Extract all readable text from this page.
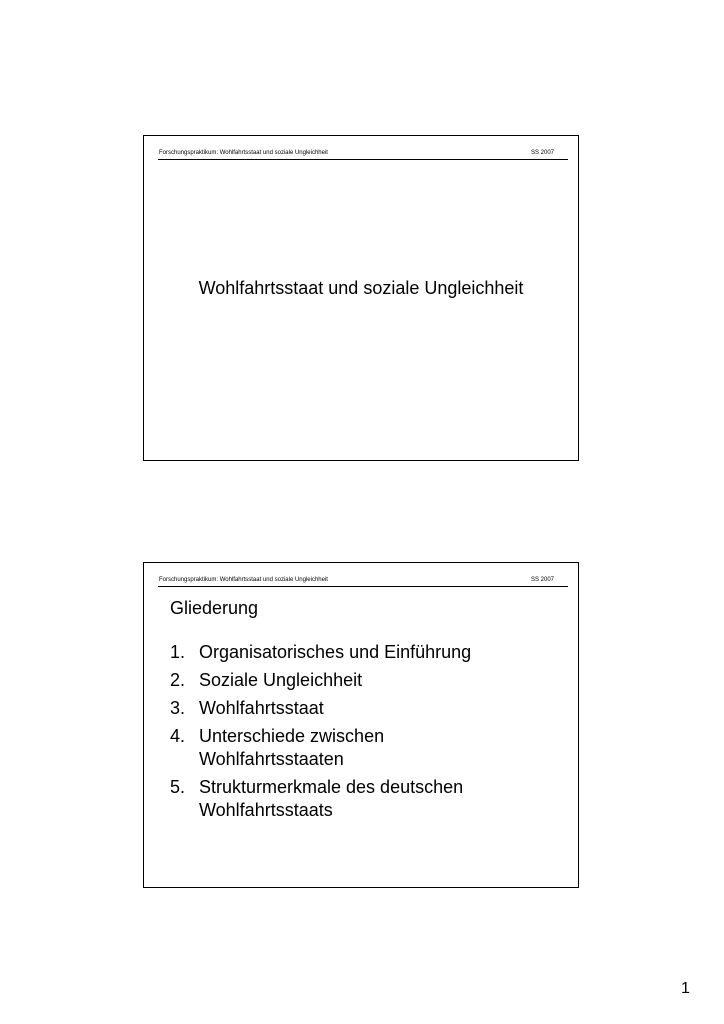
Forschungspraktikum: Wohlfahrtsstaat und soziale Ungleichheit	SS 2007
Wohlfahrtsstaat und soziale Ungleichheit
Forschungspraktikum: Wohlfahrtsstaat und soziale Ungleichheit	SS 2007
Gliederung
1. Organisatorisches und Einführung
2. Soziale Ungleichheit
3. Wohlfahrtsstaat
4. Unterschiede zwischen
Wohlfahrtsstaaten
5. Strukturmerkmale des deutschen
Wohlfahrtsstaats
1
